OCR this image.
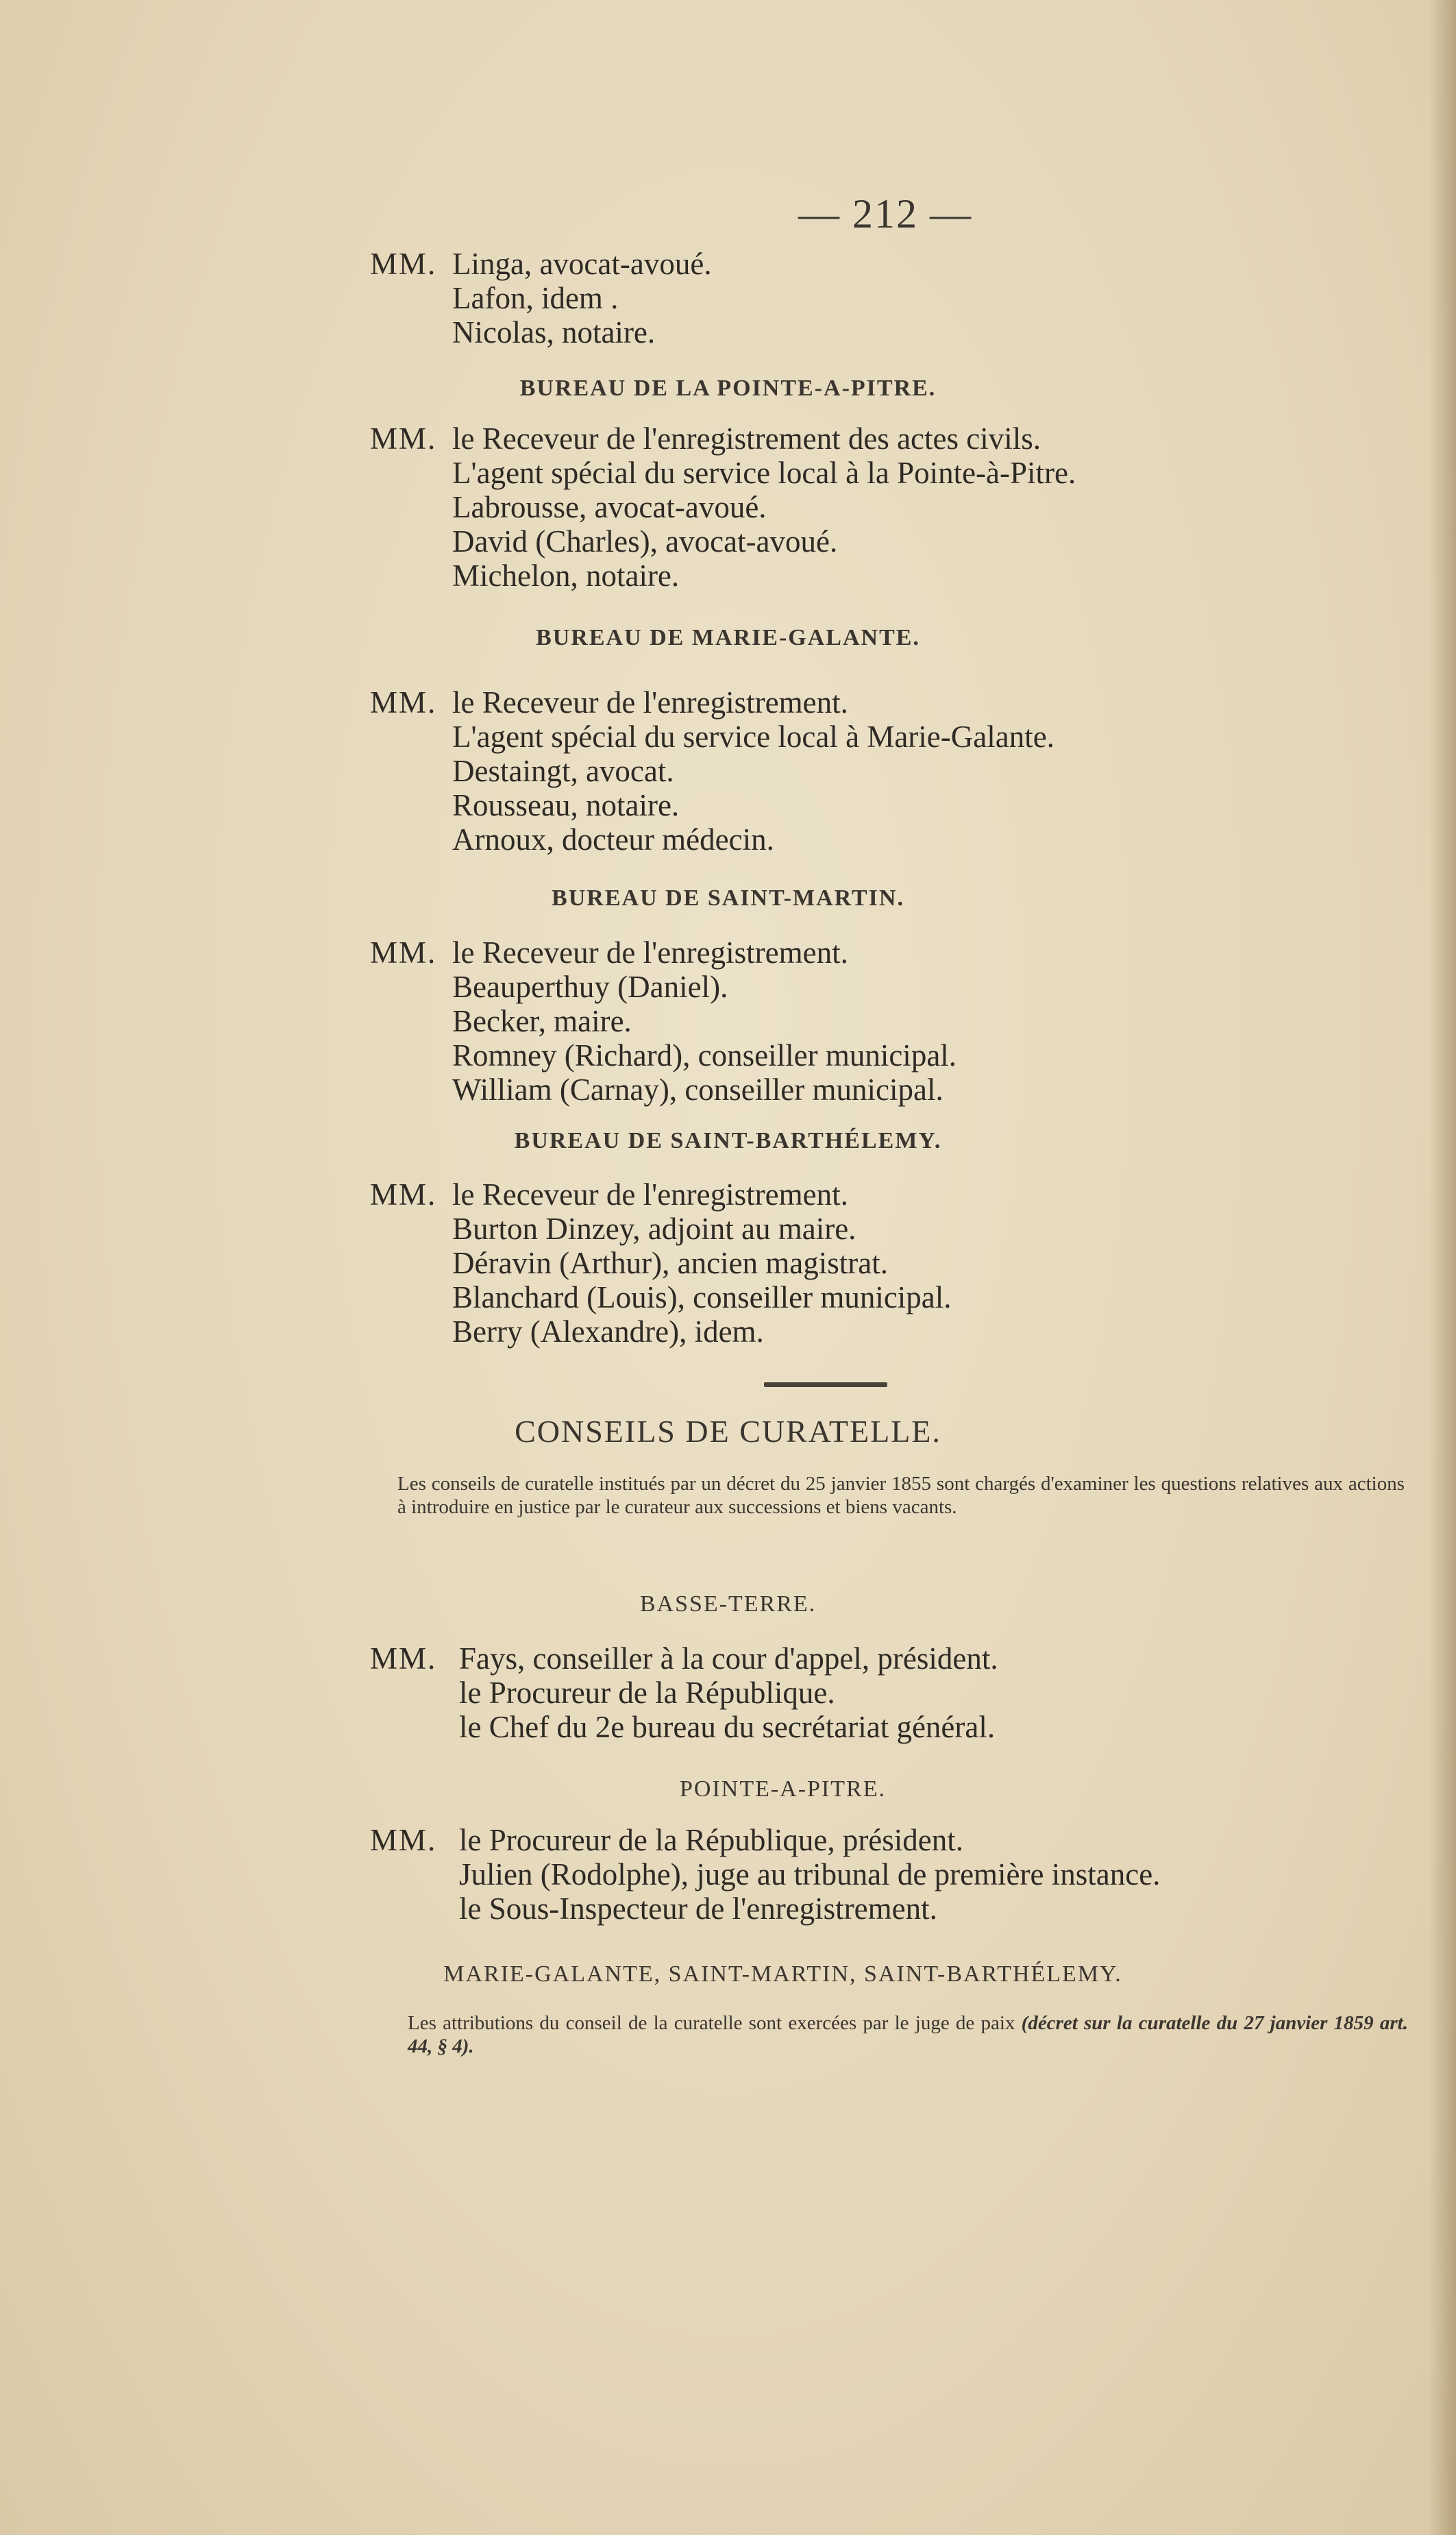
— 212 —
MM. Linga, avocat-avoué.
Lafon, idem .
Nicolas, notaire.
BUREAU DE LA POINTE-A-PITRE.
MM. le Receveur de l'enregistrement des actes civils.
L'agent spécial du service local à la Pointe-à-Pitre.
Labrousse, avocat-avoué.
David (Charles), avocat-avoué.
Michelon, notaire.
BUREAU DE MARIE-GALANTE.
MM. le Receveur de l'enregistrement.
L'agent spécial du service local à Marie-Galante.
Destaingt, avocat.
Rousseau, notaire.
Arnoux, docteur médecin.
BUREAU DE SAINT-MARTIN.
MM. le Receveur de l'enregistrement.
Beauperthuy (Daniel).
Becker, maire.
Romney (Richard), conseiller municipal.
William (Carnay), conseiller municipal.
BUREAU DE SAINT-BARTHÉLEMY.
MM. le Receveur de l'enregistrement.
Burton Dinzey, adjoint au maire.
Déravin (Arthur), ancien magistrat.
Blanchard (Louis), conseiller municipal.
Berry (Alexandre), idem.
CONSEILS DE CURATELLE.
Les conseils de curatelle institués par un décret du 25 janvier 1855 sont chargés d'examiner les questions relatives aux actions à introduire en justice par le curateur aux successions et biens vacants.
BASSE-TERRE.
MM. Fays, conseiller à la cour d'appel, président.
le Procureur de la République.
le Chef du 2e bureau du secrétariat général.
POINTE-A-PITRE.
MM. le Procureur de la République, président.
Julien (Rodolphe), juge au tribunal de première instance.
le Sous-Inspecteur de l'enregistrement.
MARIE-GALANTE, SAINT-MARTIN, SAINT-BARTHÉLEMY.
Les attributions du conseil de la curatelle sont exercées par le juge de paix (décret sur la curatelle du 27 janvier 1859 art. 44, § 4).
